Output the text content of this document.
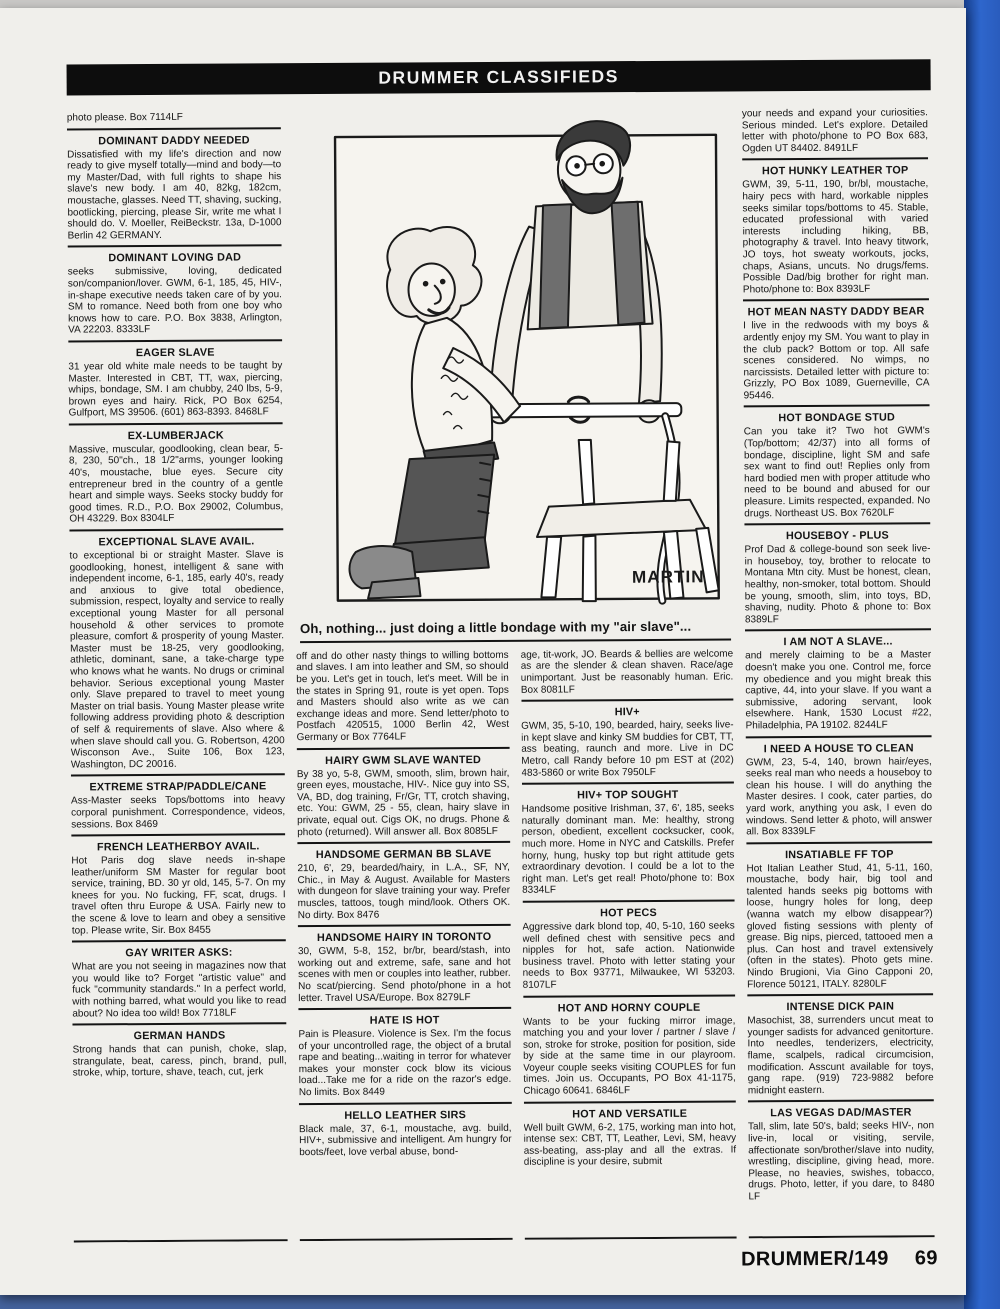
DRUMMER CLASSIFIEDS
photo please. Box 7114LF
DOMINANT DADDY NEEDED
Dissatisfied with my life's direction and now ready to give myself totally—mind and body—to my Master/Dad, with full rights to shape his slave's new body. I am 40, 82kg, 182cm, moustache, glasses. Need TT, shaving, sucking, bootlicking, piercing, please Sir, write me what I should do. V. Moeller, ReiBeckstr. 13a, D-1000 Berlin 42 GERMANY.
DOMINANT LOVING DAD
seeks submissive, loving, dedicated son/companion/lover. GWM, 6-1, 185, 45, HIV-, in-shape executive needs taken care of by you. SM to romance. Need both from one boy who knows how to care. P.O. Box 3838, Arlington, VA 22203. 8333LF
EAGER SLAVE
31 year old white male needs to be taught by Master. Interested in CBT, TT, wax, piercing, whips, bondage, SM. I am chubby, 240 lbs, 5-9, brown eyes and hairy. Rick, PO Box 6254, Gulfport, MS 39506. (601) 863-8393. 8468LF
EX-LUMBERJACK
Massive, muscular, goodlooking, clean bear, 5-8, 230, 50"ch., 18 1/2"arms, younger looking 40's, moustache, blue eyes. Secure city entrepreneur bred in the country of a gentle heart and simple ways. Seeks stocky buddy for good times. R.D., P.O. Box 29002, Columbus, OH 43229. Box 8304LF
EXCEPTIONAL SLAVE AVAIL.
to exceptional bi or straight Master. Slave is goodlooking, honest, intelligent & sane with independent income, 6-1, 185, early 40's, ready and anxious to give total obedience, submission, respect, loyalty and service to really exceptional young Master for all personal household & other services to promote pleasure, comfort & prosperity of young Master. Master must be 18-25, very goodlooking, athletic, dominant, sane, a take-charge type who knows what he wants. No drugs or criminal behavior. Serious exceptional young Master only. Slave prepared to travel to meet young Master on trial basis. Young Master please write following address providing photo & description of self & requirements of slave. Also where & when slave should call you. G. Robertson, 4200 Wisconson Ave., Suite 106, Box 123, Washington, DC 20016.
EXTREME STRAP/PADDLE/CANE
Ass-Master seeks Tops/bottoms into heavy corporal punishment. Correspondence, videos, sessions. Box 8469
FRENCH LEATHERBOY AVAIL.
Hot Paris dog slave needs in-shape leather/uniform SM Master for regular boot service, training, BD. 30 yr old, 145, 5-7. On my knees for you. No fucking, FF, scat, drugs. I travel often thru Europe & USA. Fairly new to the scene & love to learn and obey a sensitive top. Please write, Sir. Box 8455
GAY WRITER ASKS:
What are you not seeing in magazines now that you would like to? Forget "artistic value" and fuck "community standards." In a perfect world, with nothing barred, what would you like to read about? No idea too wild! Box 7718LF
GERMAN HANDS
Strong hands that can punish, choke, slap, strangulate, beat, caress, pinch, brand, pull, stroke, whip, torture, shave, teach, cut, jerk
MARTIN
Oh, nothing... just doing a little bondage with my "air slave"...
off and do other nasty things to willing bottoms and slaves. I am into leather and SM, so should be you. Let's get in touch, let's meet. Will be in the states in Spring 91, route is yet open. Tops and Masters should also write as we can exchange ideas and more. Send letter/photo to Postfach 420515, 1000 Berlin 42, West Germany or Box 7764LF
HAIRY GWM SLAVE WANTED
By 38 yo, 5-8, GWM, smooth, slim, brown hair, green eyes, moustache, HIV-. Nice guy into SS, VA, BD, dog training, Fr/Gr, TT, crotch shaving, etc. You: GWM, 25 - 55, clean, hairy slave in private, equal out. Cigs OK, no drugs. Phone & photo (returned). Will answer all. Box 8085LF
HANDSOME GERMAN BB SLAVE
210, 6', 29, bearded/hairy, in L.A., SF, NY, Chic., in May & August. Available for Masters with dungeon for slave training your way. Prefer muscles, tattoos, tough mind/look. Others OK. No dirty. Box 8476
HANDSOME HAIRY IN TORONTO
30, GWM, 5-8, 152, br/br, beard/stash, into working out and extreme, safe, sane and hot scenes with men or couples into leather, rubber. No scat/piercing. Send photo/phone in a hot letter. Travel USA/Europe. Box 8279LF
HATE IS HOT
Pain is Pleasure. Violence is Sex. I'm the focus of your uncontrolled rage, the object of a brutal rape and beating...waiting in terror for whatever makes your monster cock blow its vicious load...Take me for a ride on the razor's edge. No limits. Box 8449
HELLO LEATHER SIRS
Black male, 37, 6-1, moustache, avg. build, HIV+, submissive and intelligent. Am hungry for boots/feet, love verbal abuse, bond-
age, tit-work, JO. Beards & bellies are welcome as are the slender & clean shaven. Race/age unimportant. Just be reasonably human. Eric. Box 8081LF
HIV+
GWM, 35, 5-10, 190, bearded, hairy, seeks live-in kept slave and kinky SM buddies for CBT, TT, ass beating, raunch and more. Live in DC Metro, call Randy before 10 pm EST at (202) 483-5860 or write Box 7950LF
HIV+ TOP SOUGHT
Handsome positive Irishman, 37, 6', 185, seeks naturally dominant man. Me: healthy, strong person, obedient, excellent cocksucker, cook, much more. Home in NYC and Catskills. Prefer horny, hung, husky top but right attitude gets extraordinary devotion. I could be a lot to the right man. Let's get real! Photo/phone to: Box 8334LF
HOT PECS
Aggressive dark blond top, 40, 5-10, 160 seeks well defined chest with sensitive pecs and nipples for hot, safe action. Nationwide business travel. Photo with letter stating your needs to Box 93771, Milwaukee, WI 53203. 8107LF
HOT AND HORNY COUPLE
Wants to be your fucking mirror image, matching you and your lover / partner / slave / son, stroke for stroke, position for position, side by side at the same time in our playroom. Voyeur couple seeks visiting COUPLES for fun times. Join us. Occupants, PO Box 41-1175, Chicago 60641. 6846LF
HOT AND VERSATILE
Well built GWM, 6-2, 175, working man into hot, intense sex: CBT, TT, Leather, Levi, SM, heavy ass-beating, ass-play and all the extras. If discipline is your desire, submit
your needs and expand your curiosities. Serious minded. Let's explore. Detailed letter with photo/phone to PO Box 683, Ogden UT 84402. 8491LF
HOT HUNKY LEATHER TOP
GWM, 39, 5-11, 190, br/bl, moustache, hairy pecs with hard, workable nipples seeks similar tops/bottoms to 45. Stable, educated professional with varied interests including hiking, BB, photography & travel. Into heavy titwork, JO toys, hot sweaty workouts, jocks, chaps, Asians, uncuts. No drugs/fems. Possible Dad/big brother for right man. Photo/phone to: Box 8393LF
HOT MEAN NASTY DADDY BEAR
I live in the redwoods with my boys & ardently enjoy my SM. You want to play in the club pack? Bottom or top. All safe scenes considered. No wimps, no narcissists. Detailed letter with picture to: Grizzly, PO Box 1089, Guerneville, CA 95446.
HOT BONDAGE STUD
Can you take it? Two hot GWM's (Top/bottom; 42/37) into all forms of bondage, discipline, light SM and safe sex want to find out! Replies only from hard bodied men with proper attitude who need to be bound and abused for our pleasure. Limits respected, expanded. No drugs. Northeast US. Box 7620LF
HOUSEBOY - PLUS
Prof Dad & college-bound son seek live-in houseboy, toy, brother to relocate to Montana Mtn city. Must be honest, clean, healthy, non-smoker, total bottom. Should be young, smooth, slim, into toys, BD, shaving, nudity. Photo & phone to: Box 8389LF
I AM NOT A SLAVE...
and merely claiming to be a Master doesn't make you one. Control me, force my obedience and you might break this captive, 44, into your slave. If you want a submissive, adoring servant, look elsewhere. Hank, 1530 Locust #22, Philadelphia, PA 19102. 8244LF
I NEED A HOUSE TO CLEAN
GWM, 23, 5-4, 140, brown hair/eyes, seeks real man who needs a houseboy to clean his house. I will do anything the Master desires. I cook, cater parties, do yard work, anything you ask, I even do windows. Send letter & photo, will answer all. Box 8339LF
INSATIABLE FF TOP
Hot Italian Leather Stud, 41, 5-11, 160, moustache, body hair, big tool and talented hands seeks pig bottoms with loose, hungry holes for long, deep (wanna watch my elbow disappear?) gloved fisting sessions with plenty of grease. Big nips, pierced, tattooed men a plus. Can host and travel extensively (often in the states). Photo gets mine. Nindo Brugioni, Via Gino Capponi 20, Florence 50121, ITALY. 8280LF
INTENSE DICK PAIN
Masochist, 38, surrenders uncut meat to younger sadists for advanced genitorture. Into needles, tenderizers, electricity, flame, scalpels, radical circumcision, modification. Asscunt available for toys, gang rape. (919) 723-9882 before midnight eastern.
LAS VEGAS DAD/MASTER
Tall, slim, late 50's, bald; seeks HIV-, non live-in, local or visiting, servile, affectionate son/brother/slave into nudity, wrestling, discipline, giving head, more. Please, no heavies, swishes, tobacco, drugs. Photo, letter, if you dare, to 8480 LF
DRUMMER/149 69
